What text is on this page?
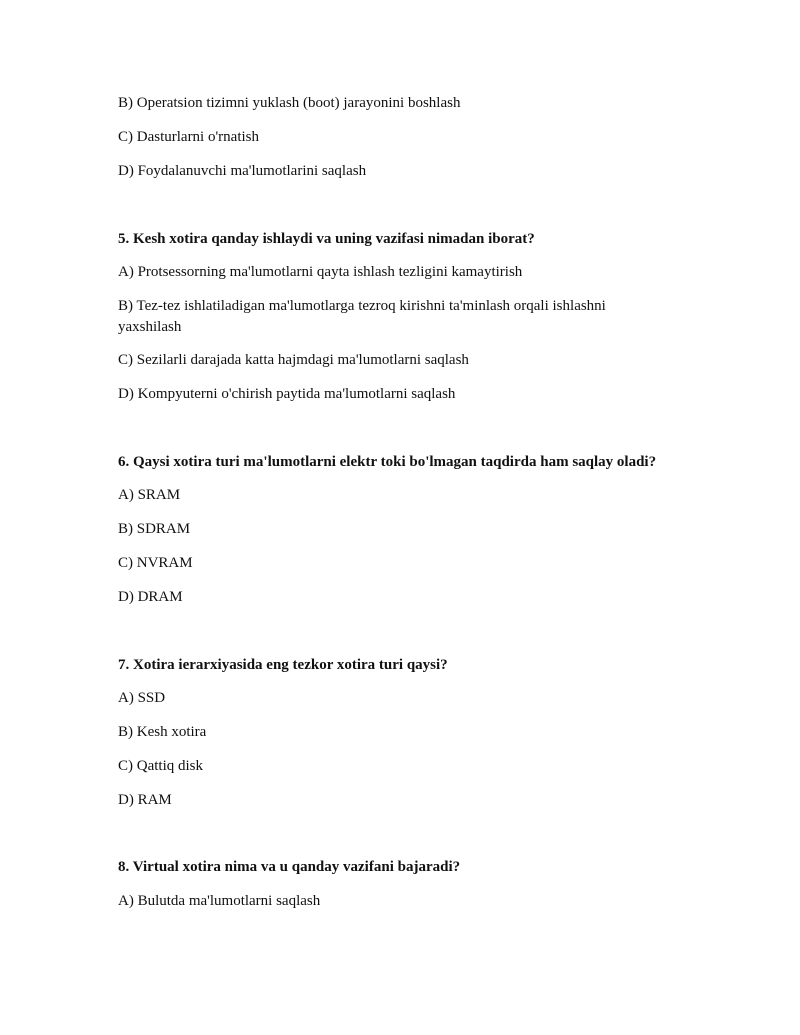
B) Operatsion tizimni yuklash (boot) jarayonini boshlash
C) Dasturlarni o'rnatish
D) Foydalanuvchi ma'lumotlarini saqlash
5. Kesh xotira qanday ishlaydi va uning vazifasi nimadan iborat?
A) Protsessorning ma'lumotlarni qayta ishlash tezligini kamaytirish
B) Tez-tez ishlatiladigan ma'lumotlarga tezroq kirishni ta'minlash orqali ishlashni
yaxshilash
C) Sezilarli darajada katta hajmdagi ma'lumotlarni saqlash
D) Kompyuterni o'chirish paytida ma'lumotlarni saqlash
6. Qaysi xotira turi ma'lumotlarni elektr toki bo'lmagan taqdirda ham saqlay oladi?
A) SRAM
B) SDRAM
C) NVRAM
D) DRAM
7. Xotira ierarxiyasida eng tezkor xotira turi qaysi?
A) SSD
B) Kesh xotira
C) Qattiq disk
D) RAM
8. Virtual xotira nima va u qanday vazifani bajaradi?
A) Bulutda ma'lumotlarni saqlash
